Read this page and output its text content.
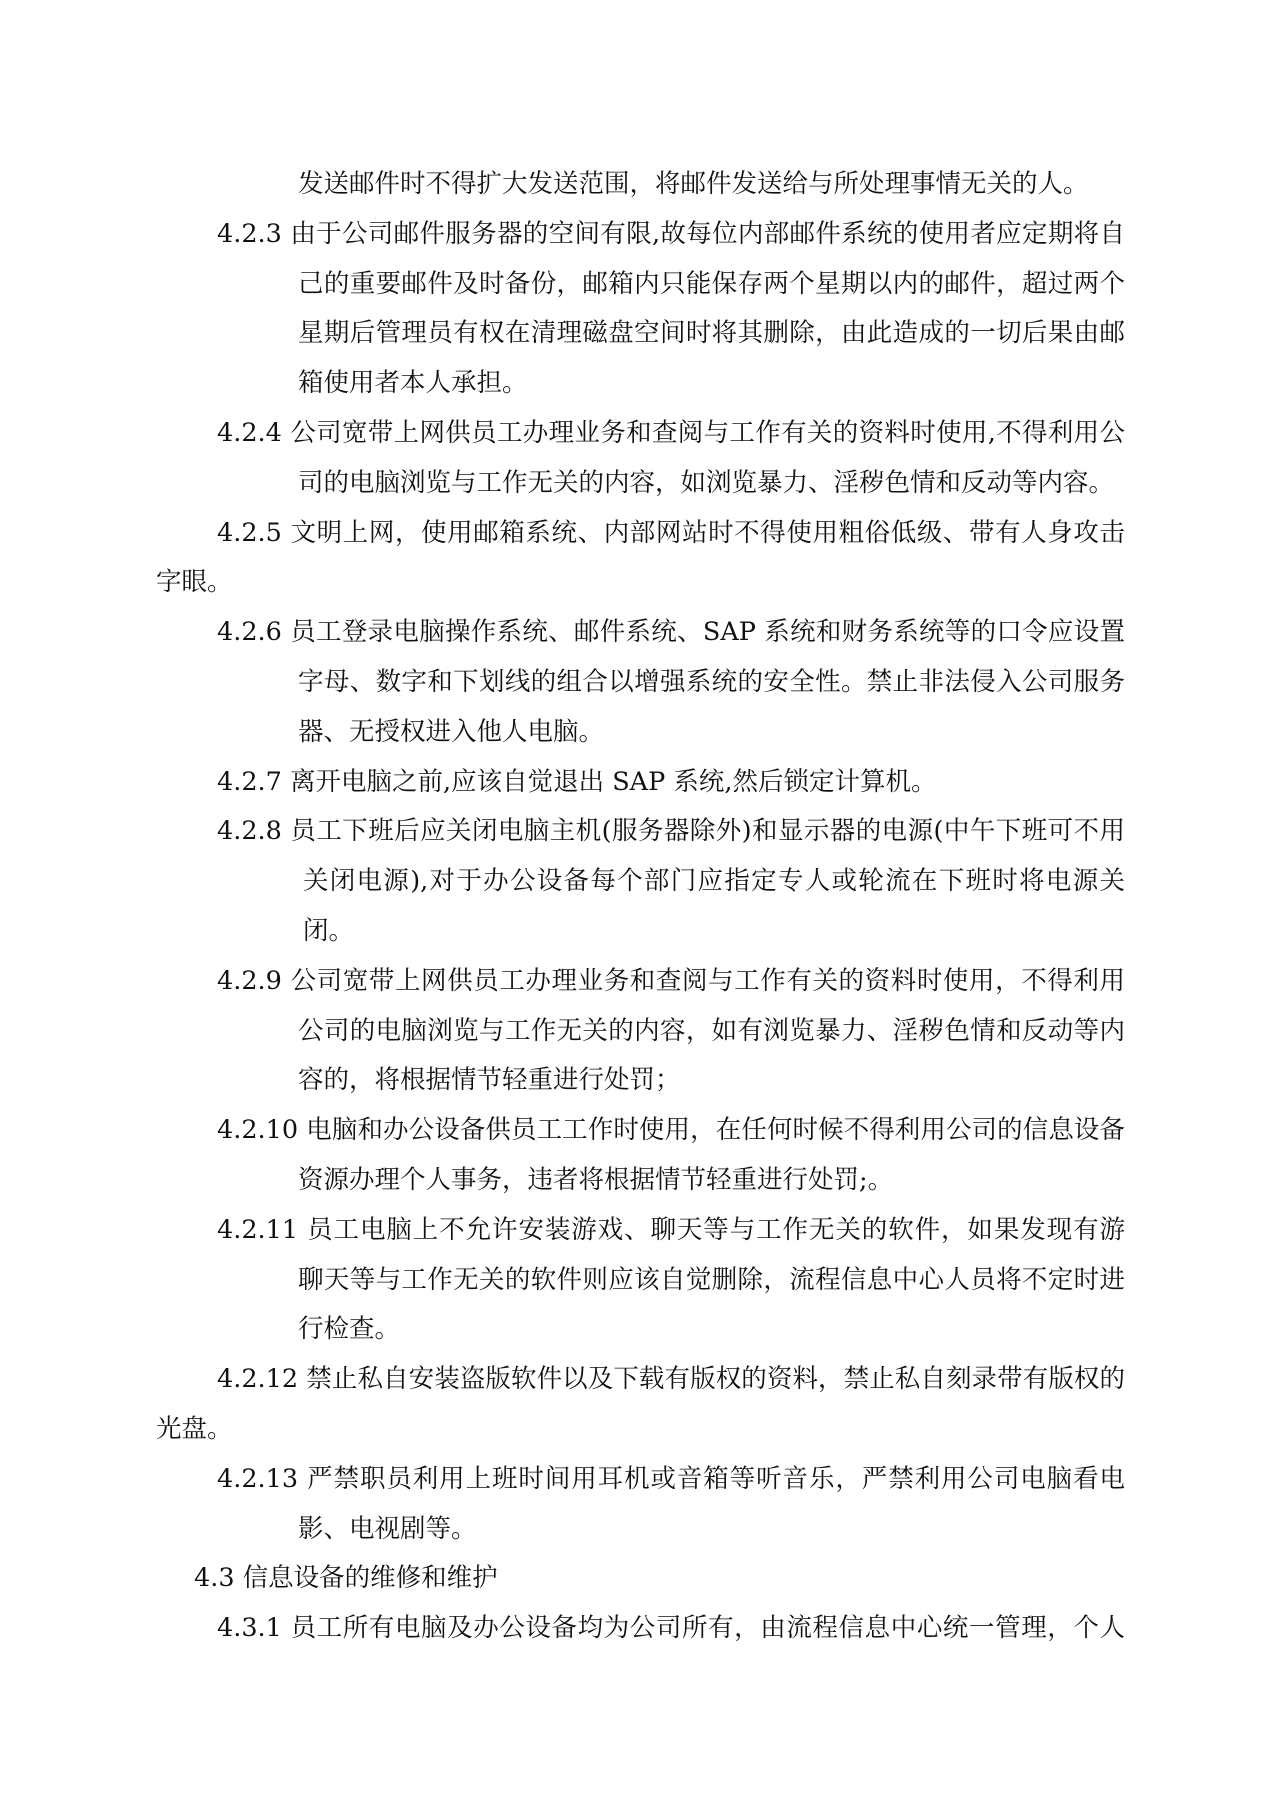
发送邮件时不得扩大发送范围，将邮件发送给与所处理事情无关的人。
4.2.3 由于公司邮件服务器的空间有限,故每位内部邮件系统的使用者应定期将自
己的重要邮件及时备份，邮箱内只能保存两个星期以内的邮件，超过两个
星期后管理员有权在清理磁盘空间时将其删除，由此造成的一切后果由邮
箱使用者本人承担。
4.2.4 公司宽带上网供员工办理业务和查阅与工作有关的资料时使用,不得利用公
司的电脑浏览与工作无关的内容，如浏览暴力、淫秽色情和反动等内容。
4.2.5 文明上网，使用邮箱系统、内部网站时不得使用粗俗低级、带有人身攻击
字眼。
4.2.6 员工登录电脑操作系统、邮件系统、SAP 系统和财务系统等的口令应设置
字母、数字和下划线的组合以增强系统的安全性。禁止非法侵入公司服务
器、无授权进入他人电脑。
4.2.7 离开电脑之前,应该自觉退出 SAP 系统,然后锁定计算机。
4.2.8 员工下班后应关闭电脑主机(服务器除外)和显示器的电源(中午下班可不用
关闭电源),对于办公设备每个部门应指定专人或轮流在下班时将电源关
闭。
4.2.9 公司宽带上网供员工办理业务和查阅与工作有关的资料时使用，不得利用
公司的电脑浏览与工作无关的内容，如有浏览暴力、淫秽色情和反动等内
容的，将根据情节轻重进行处罚；
4.2.10 电脑和办公设备供员工工作时使用，在任何时候不得利用公司的信息设备
资源办理个人事务，违者将根据情节轻重进行处罚;。
4.2.11 员工电脑上不允许安装游戏、聊天等与工作无关的软件，如果发现有游
聊天等与工作无关的软件则应该自觉删除，流程信息中心人员将不定时进
行检查。
4.2.12 禁止私自安装盗版软件以及下载有版权的资料，禁止私自刻录带有版权的
光盘。
4.2.13 严禁职员利用上班时间用耳机或音箱等听音乐，严禁利用公司电脑看电
影、电视剧等。
4.3 信息设备的维修和维护
4.3.1 员工所有电脑及办公设备均为公司所有，由流程信息中心统一管理，个人
